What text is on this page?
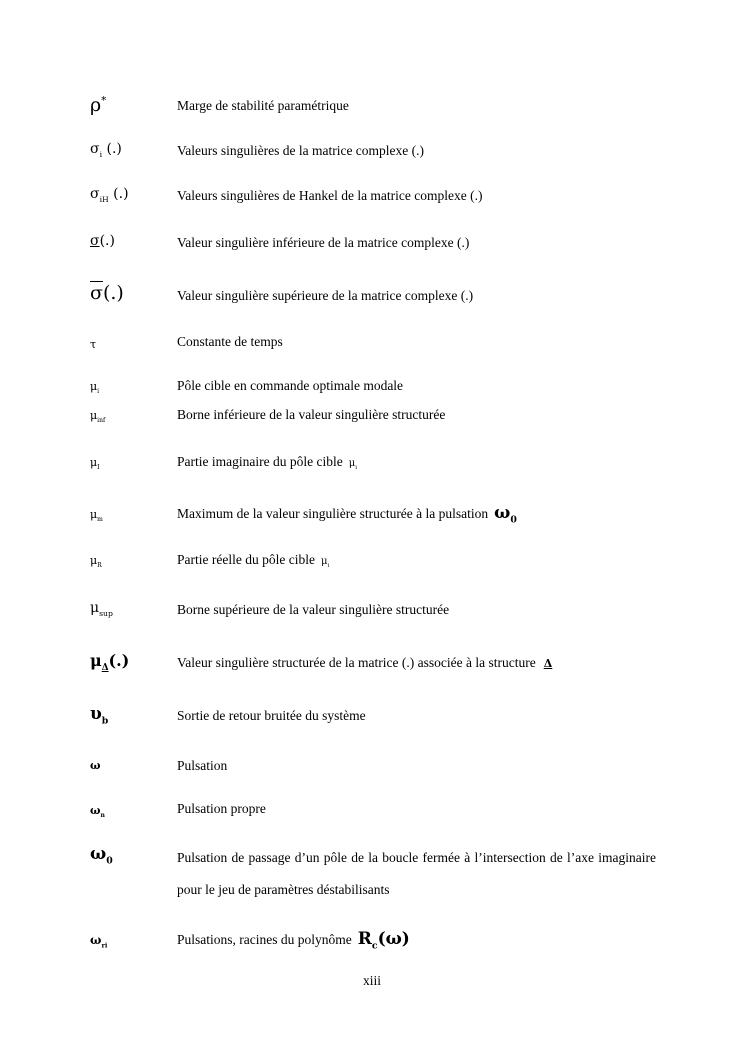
ρ*	Marge de stabilité paramétrique
$\sigma_i$ (.)	Valeurs singulières de la matrice complexe (.)
$\sigma_{iH}$ (.)	Valeurs singulières de Hankel de la matrice complexe (.)
σ(.)	Valeur singulière inférieure de la matrice complexe (.)
$\overline{\sigma}(.)$	Valeur singulière supérieure de la matrice complexe (.)
τ	Constante de temps
$\mu_i$	Pôle cible en commande optimale modale
$\mu_{inf}$	Borne inférieure de la valeur singulière structurée
$\mu_I$	Partie imaginaire du pôle cible $\mu_i$
$\mu_m$	Maximum de la valeur singulière structurée à la pulsation $\omega_0$
$\mu_R$	Partie réelle du pôle cible $\mu_i$
$\mu_{sup}$	Borne supérieure de la valeur singulière structurée
$\mu_\Delta(.)$	Valeur singulière structurée de la matrice (.) associée à la structure Δ
$\upsilon_b$	Sortie de retour bruitée du système
ω	Pulsation
$\omega_n$	Pulsation propre
$\omega_0$	Pulsation de passage d’un pôle de la boucle fermée à l’intersection de l’axe imaginaire pour le jeu de paramètres déstabilisants
$\omega_{ri}$	Pulsations, racines du polynôme $R_c(\omega)$
xiii
